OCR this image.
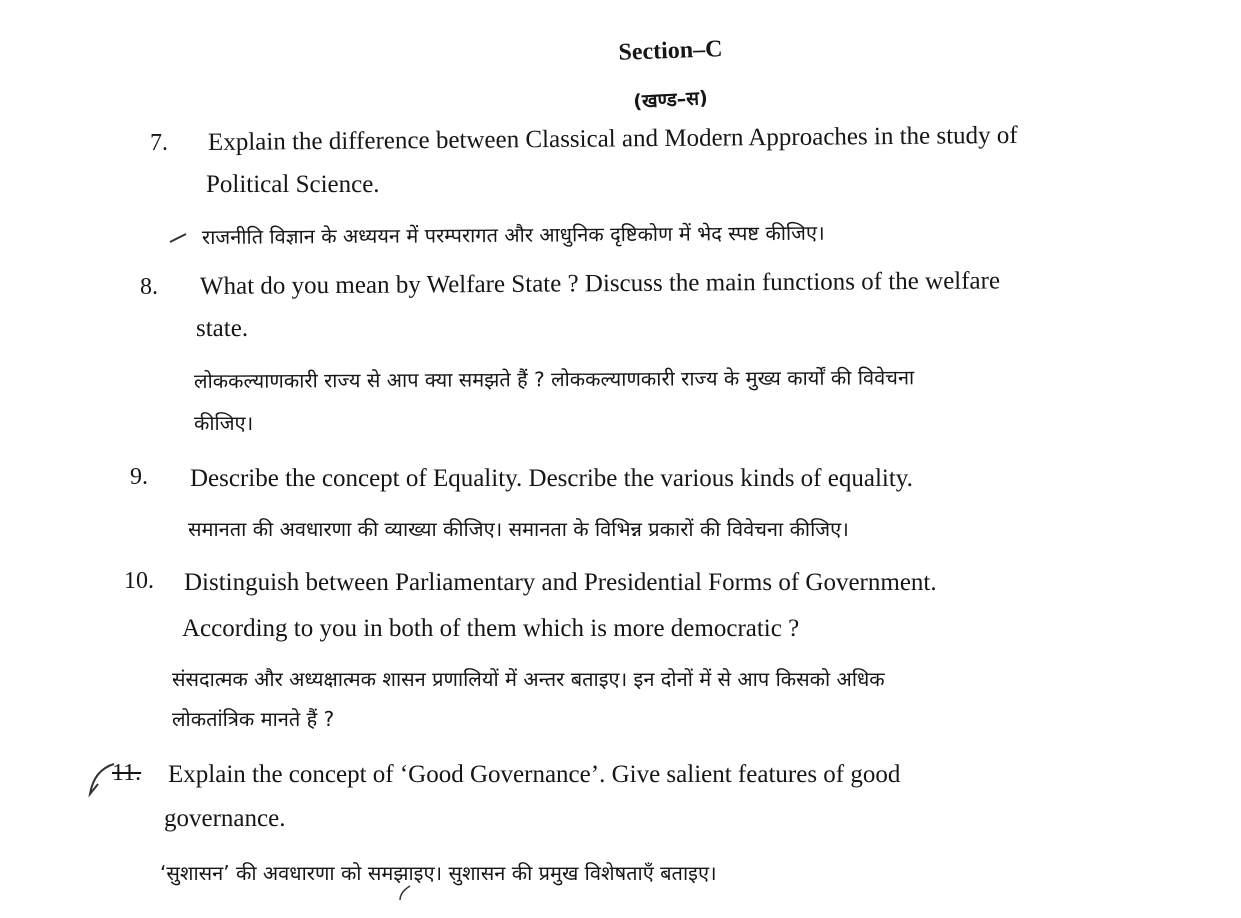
Section–C
(खण्ड–स)
7. Explain the difference between Classical and Modern Approaches in the study of
Political Science.
राजनीति विज्ञान के अध्ययन में परम्परागत और आधुनिक दृष्टिकोण में भेद स्पष्ट कीजिए।
8. What do you mean by Welfare State ? Discuss the main functions of the welfare
state.
लोककल्याणकारी राज्य से आप क्या समझते हैं ? लोककल्याणकारी राज्य के मुख्य कार्यों की विवेचना
कीजिए।
9. Describe the concept of Equality. Describe the various kinds of equality.
समानता की अवधारणा की व्याख्या कीजिए। समानता के विभिन्न प्रकारों की विवेचना कीजिए।
10. Distinguish between Parliamentary and Presidential Forms of Government.
According to you in both of them which is more democratic ?
संसदात्मक और अध्यक्षात्मक शासन प्रणालियों में अन्तर बताइए। इन दोनों में से आप किसको अधिक
लोकतांत्रिक मानते हैं ?
11. Explain the concept of ‘Good Governance’. Give salient features of good
governance.
‘सुशासन’ की अवधारणा को समझाइए। सुशासन की प्रमुख विशेषताएँ बताइए।
